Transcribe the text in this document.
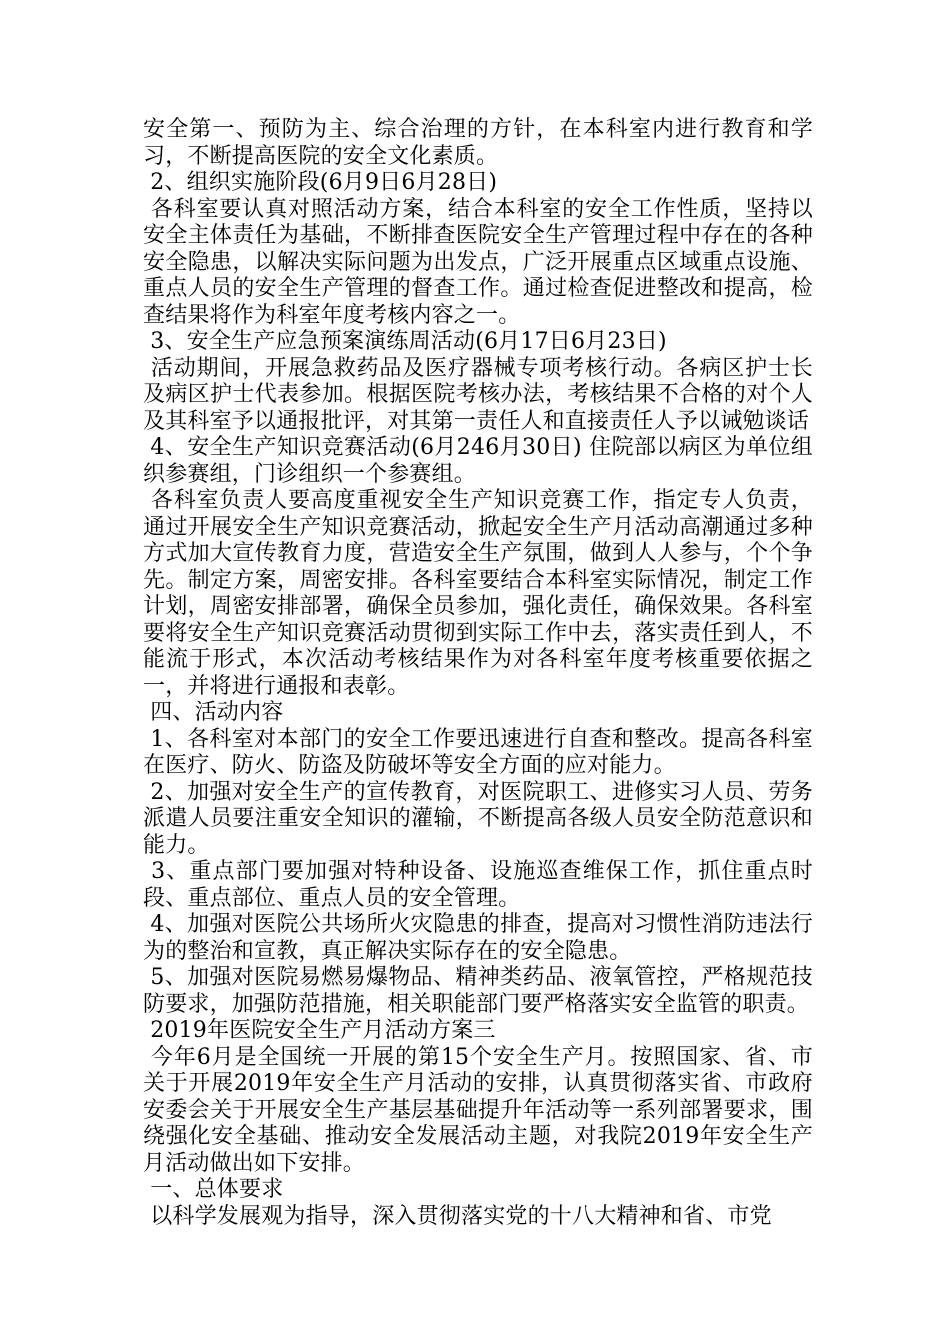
安全第一、预防为主、综合治理的方针，在本科室内进行教育和学习，不断提高医院的安全文化素质。

2、组织实施阶段(6月9日6月28日)

各科室要认真对照活动方案，结合本科室的安全工作性质，坚持以安全主体责任为基础，不断排查医院安全生产管理过程中存在的各种安全隐患，以解决实际问题为出发点，广泛开展重点区域重点设施、重点人员的安全生产管理的督查工作。通过检查促进整改和提高，检查结果将作为科室年度考核内容之一。

3、安全生产应急预案演练周活动(6月17日6月23日)

活动期间，开展急救药品及医疗器械专项考核行动。各病区护士长及病区护士代表参加。根据医院考核办法，考核结果不合格的对个人及其科室予以通报批评，对其第一责任人和直接责任人予以诫勉谈话

4、安全生产知识竞赛活动(6月246月30日) 住院部以病区为单位组织参赛组，门诊组织一个参赛组。

各科室负责人要高度重视安全生产知识竞赛工作，指定专人负责，通过开展安全生产知识竞赛活动，掀起安全生产月活动高潮通过多种方式加大宣传教育力度，营造安全生产氛围，做到人人参与，个个争先。制定方案，周密安排。各科室要结合本科室实际情况，制定工作计划，周密安排部署，确保全员参加，强化责任，确保效果。各科室要将安全生产知识竞赛活动贯彻到实际工作中去，落实责任到人，不能流于形式，本次活动考核结果作为对各科室年度考核重要依据之一，并将进行通报和表彰。

四、活动内容

1、各科室对本部门的安全工作要迅速进行自查和整改。提高各科室在医疗、防火、防盗及防破坏等安全方面的应对能力。

2、加强对安全生产的宣传教育，对医院职工、进修实习人员、劳务派遣人员要注重安全知识的灌输，不断提高各级人员安全防范意识和能力。

3、重点部门要加强对特种设备、设施巡查维保工作，抓住重点时段、重点部位、重点人员的安全管理。

4、加强对医院公共场所火灾隐患的排查，提高对习惯性消防违法行为的整治和宣教，真正解决实际存在的安全隐患。

5、加强对医院易燃易爆物品、精神类药品、液氧管控，严格规范技防要求，加强防范措施，相关职能部门要严格落实安全监管的职责。

2019年医院安全生产月活动方案三

今年6月是全国统一开展的第15个安全生产月。按照国家、省、市关于开展2019年安全生产月活动的安排，认真贯彻落实省、市政府安委会关于开展安全生产基层基础提升年活动等一系列部署要求，围绕强化安全基础、推动安全发展活动主题，对我院2019年安全生产月活动做出如下安排。

一、总体要求

以科学发展观为指导，深入贯彻落实党的十八大精神和省、市党
